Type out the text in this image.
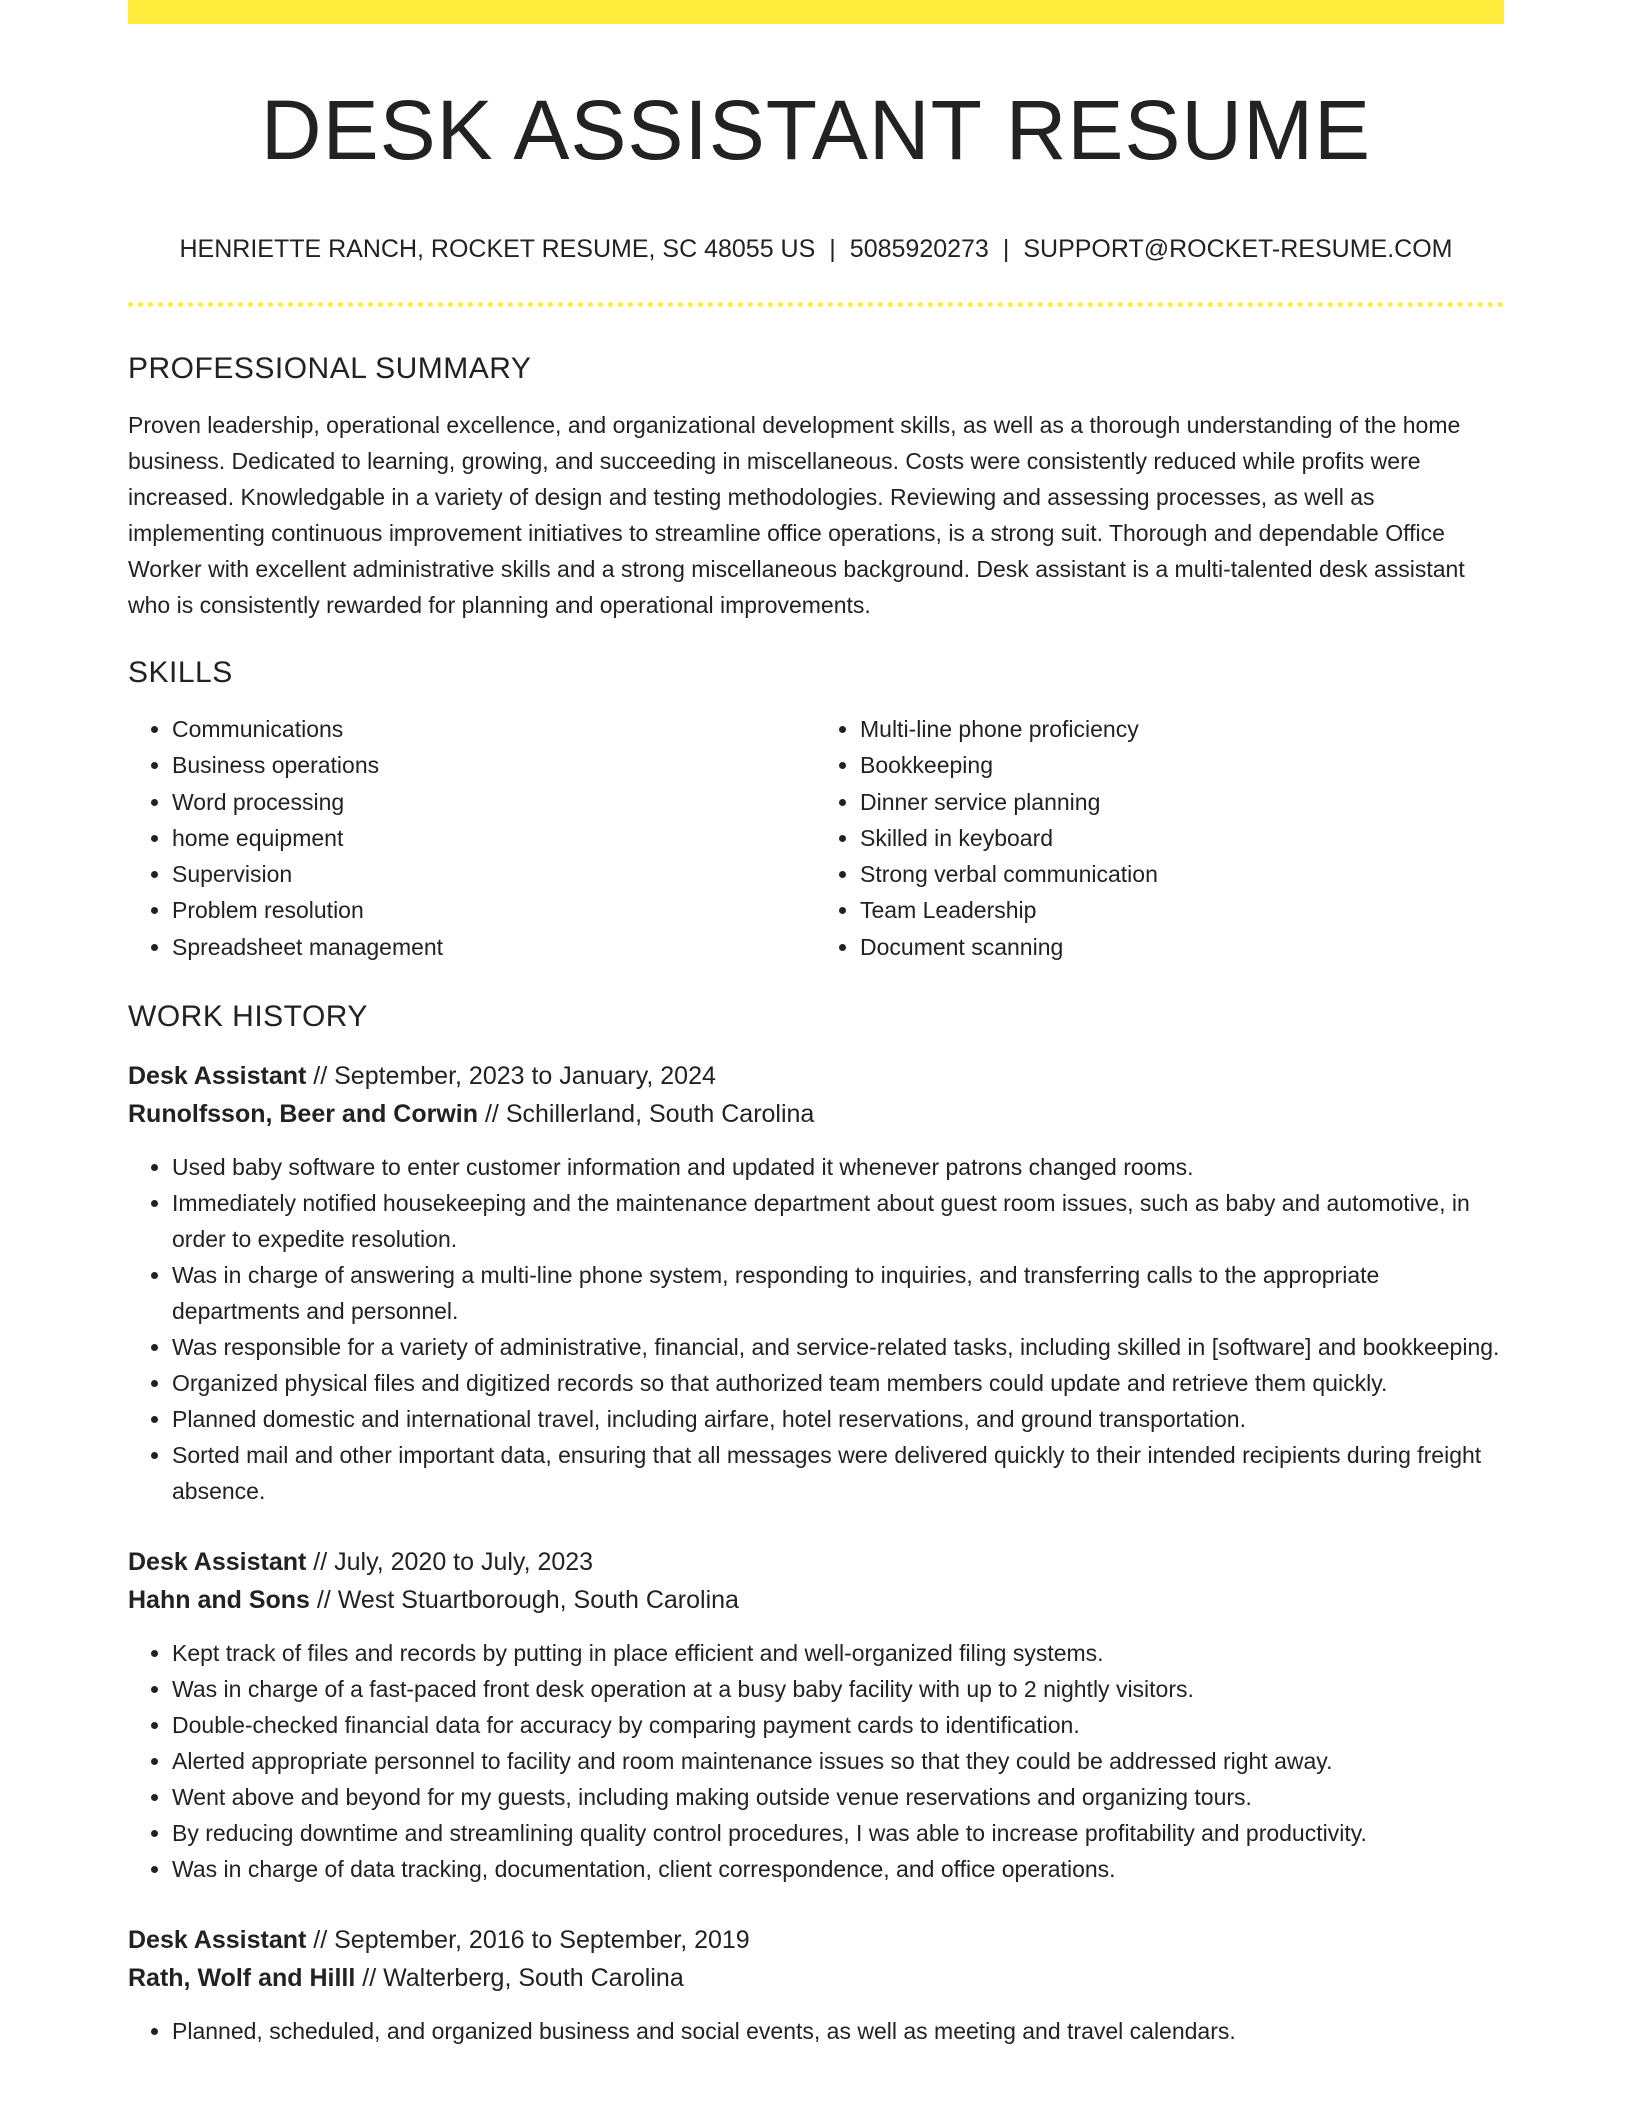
DESK ASSISTANT RESUME
HENRIETTE RANCH, ROCKET RESUME, SC 48055 US | 5085920273 | SUPPORT@ROCKET-RESUME.COM
PROFESSIONAL SUMMARY

Proven leadership, operational excellence, and organizational development skills, as well as a thorough understanding of the home business. Dedicated to learning, growing, and succeeding in miscellaneous. Costs were consistently reduced while profits were increased. Knowledgable in a variety of design and testing methodologies. Reviewing and assessing processes, as well as implementing continuous improvement initiatives to streamline office operations, is a strong suit. Thorough and dependable Office Worker with excellent administrative skills and a strong miscellaneous background. Desk assistant is a multi-talented desk assistant who is consistently rewarded for planning and operational improvements.

SKILLS
• Communications
• Business operations
• Word processing
• home equipment
• Supervision
• Problem resolution
• Spreadsheet management
• Multi-line phone proficiency
• Bookkeeping
• Dinner service planning
• Skilled in keyboard
• Strong verbal communication
• Team Leadership
• Document scanning
WORK HISTORY
Desk Assistant // September, 2023 to January, 2024
Runolfsson, Beer and Corwin // Schillerland, South Carolina
• Used baby software to enter customer information and updated it whenever patrons changed rooms.
• Immediately notified housekeeping and the maintenance department about guest room issues, such as baby and automotive, in order to expedite resolution.
• Was in charge of answering a multi-line phone system, responding to inquiries, and transferring calls to the appropriate departments and personnel.
• Was responsible for a variety of administrative, financial, and service-related tasks, including skilled in [software] and bookkeeping.
• Organized physical files and digitized records so that authorized team members could update and retrieve them quickly.
• Planned domestic and international travel, including airfare, hotel reservations, and ground transportation.
• Sorted mail and other important data, ensuring that all messages were delivered quickly to their intended recipients during freight absence.
Desk Assistant // July, 2020 to July, 2023
Hahn and Sons // West Stuartborough, South Carolina
• Kept track of files and records by putting in place efficient and well-organized filing systems.
• Was in charge of a fast-paced front desk operation at a busy baby facility with up to 2 nightly visitors.
• Double-checked financial data for accuracy by comparing payment cards to identification.
• Alerted appropriate personnel to facility and room maintenance issues so that they could be addressed right away.
• Went above and beyond for my guests, including making outside venue reservations and organizing tours.
• By reducing downtime and streamlining quality control procedures, I was able to increase profitability and productivity.
• Was in charge of data tracking, documentation, client correspondence, and office operations.
Desk Assistant // September, 2016 to September, 2019
Rath, Wolf and Hilll // Walterberg, South Carolina
• Planned, scheduled, and organized business and social events, as well as meeting and travel calendars.
